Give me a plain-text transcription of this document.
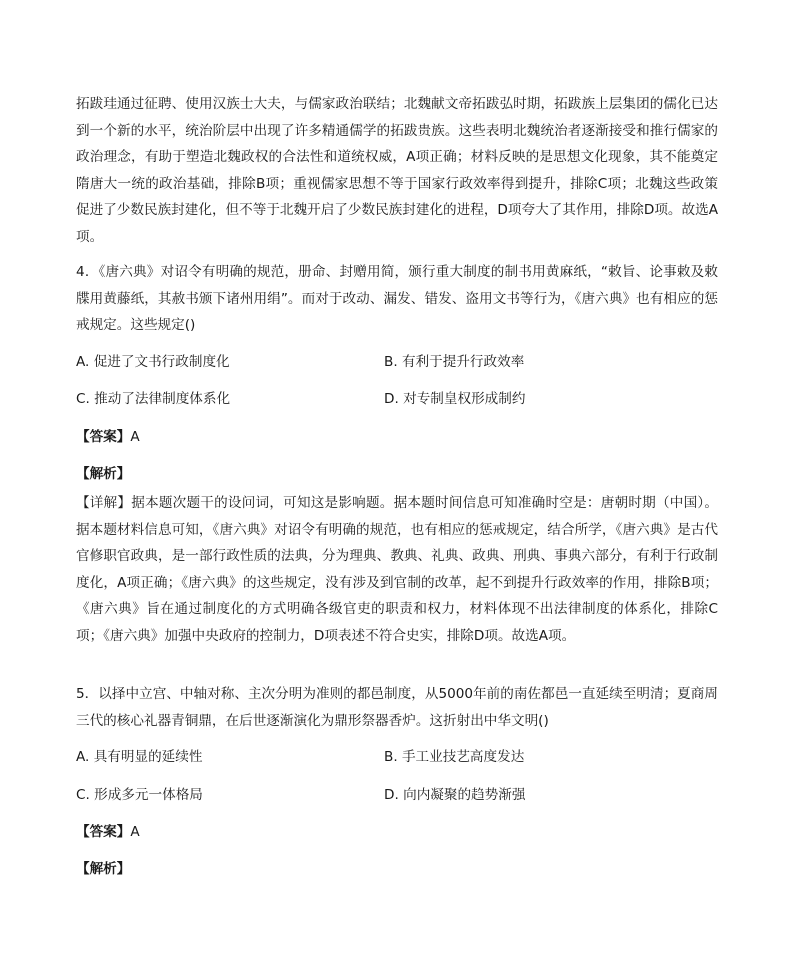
拓跋珪通过征聘、使用汉族士大夫，与儒家政治联结；北魏献文帝拓跋弘时期，拓跋族上层集团的儒化已达到一个新的水平，统治阶层中出现了许多精通儒学的拓跋贵族。这些表明北魏统治者逐渐接受和推行儒家的政治理念，有助于塑造北魏政权的合法性和道统权威，A项正确；材料反映的是思想文化现象，其不能奠定隋唐大一统的政治基础，排除B项；重视儒家思想不等于国家行政效率得到提升，排除C项；北魏这些政策促进了少数民族封建化，但不等于北魏开启了少数民族封建化的进程，D项夸大了其作用，排除D项。故选A项。

4．《唐六典》对诏令有明确的规范，册命、封赠用简，颁行重大制度的制书用黄麻纸，“敕旨、论事敕及敕牒用黄藤纸，其赦书颁下诸州用绢”。而对于改动、漏发、错发、盗用文书等行为，《唐六典》也有相应的惩戒规定。这些规定()

A. 促进了文书行政制度化	B. 有利于提升行政效率

C. 推动了法律制度体系化	D. 对专制皇权形成制约

【答案】A

【解析】

【详解】据本题次题干的设问词，可知这是影响题。据本题时间信息可知准确时空是：唐朝时期（中国）。据本题材料信息可知，《唐六典》对诏令有明确的规范，也有相应的惩戒规定，结合所学，《唐六典》是古代官修职官政典，是一部行政性质的法典，分为理典、教典、礼典、政典、刑典、事典六部分，有利于行政制度化，A项正确；《唐六典》的这些规定，没有涉及到官制的改革，起不到提升行政效率的作用，排除B项；《唐六典》旨在通过制度化的方式明确各级官吏的职责和权力，材料体现不出法律制度的体系化，排除C项；《唐六典》加强中央政府的控制力，D项表述不符合史实，排除D项。故选A项。

5．以择中立宫、中轴对称、主次分明为准则的都邑制度，从5000年前的南佐都邑一直延续至明清；夏商周三代的核心礼器青铜鼎，在后世逐渐演化为鼎形祭器香炉。这折射出中华文明()

A. 具有明显的延续性	B. 手工业技艺高度发达

C. 形成多元一体格局	D. 向内凝聚的趋势渐强

【答案】A

【解析】
